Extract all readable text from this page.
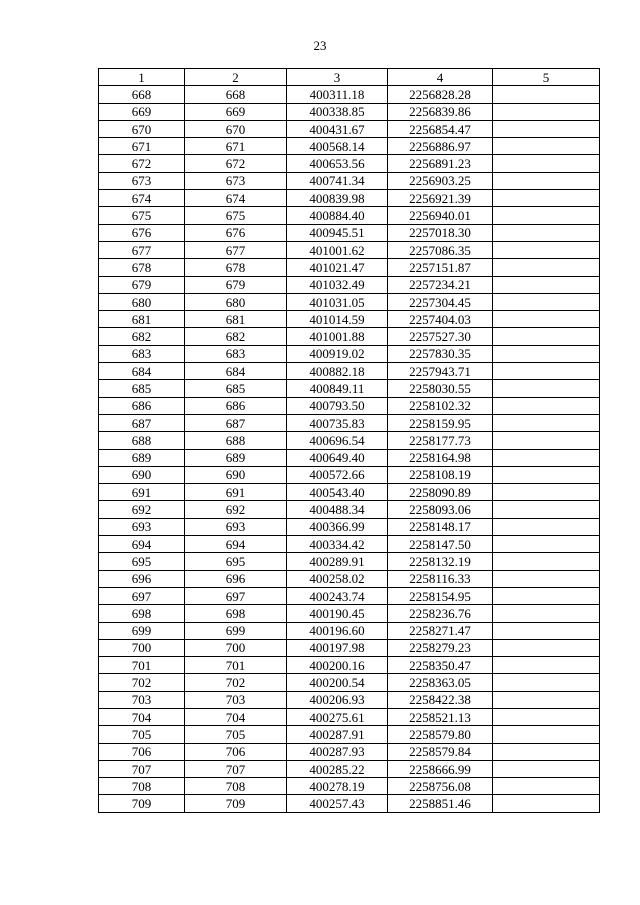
23
1	2	3	4	5
668	668	400311.18	2256828.28	
669	669	400338.85	2256839.86	
670	670	400431.67	2256854.47	
671	671	400568.14	2256886.97	
672	672	400653.56	2256891.23	
673	673	400741.34	2256903.25	
674	674	400839.98	2256921.39	
675	675	400884.40	2256940.01	
676	676	400945.51	2257018.30	
677	677	401001.62	2257086.35	
678	678	401021.47	2257151.87	
679	679	401032.49	2257234.21	
680	680	401031.05	2257304.45	
681	681	401014.59	2257404.03	
682	682	401001.88	2257527.30	
683	683	400919.02	2257830.35	
684	684	400882.18	2257943.71	
685	685	400849.11	2258030.55	
686	686	400793.50	2258102.32	
687	687	400735.83	2258159.95	
688	688	400696.54	2258177.73	
689	689	400649.40	2258164.98	
690	690	400572.66	2258108.19	
691	691	400543.40	2258090.89	
692	692	400488.34	2258093.06	
693	693	400366.99	2258148.17	
694	694	400334.42	2258147.50	
695	695	400289.91	2258132.19	
696	696	400258.02	2258116.33	
697	697	400243.74	2258154.95	
698	698	400190.45	2258236.76	
699	699	400196.60	2258271.47	
700	700	400197.98	2258279.23	
701	701	400200.16	2258350.47	
702	702	400200.54	2258363.05	
703	703	400206.93	2258422.38	
704	704	400275.61	2258521.13	
705	705	400287.91	2258579.80	
706	706	400287.93	2258579.84	
707	707	400285.22	2258666.99	
708	708	400278.19	2258756.08	
709	709	400257.43	2258851.46	
